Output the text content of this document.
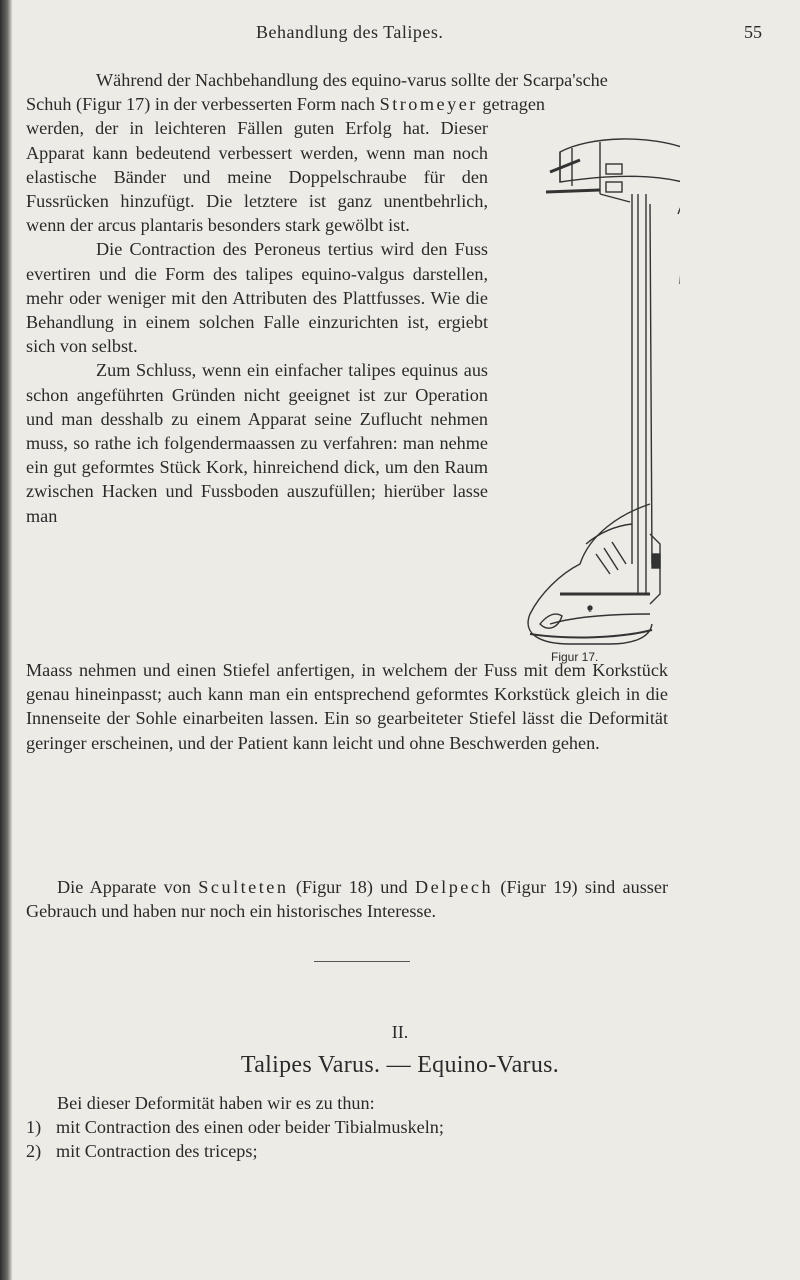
Behandlung des Talipes.	55
Während der Nachbehandlung des equino-varus sollte der Scarpa'sche
Schuh (Figur 17) in der verbesserten Form nach Stromeyer getragen
werden, der in leichteren Fällen guten Erfolg hat. Dieser Apparat kann bedeutend verbessert werden, wenn man noch elastische Bänder und meine Doppelschraube für den Fussrücken hinzufügt. Die letztere ist ganz unentbehrlich, wenn der arcus plantaris besonders stark gewölbt ist.
Die Contraction des Peroneus tertius wird den Fuss evertiren und die Form des talipes equino-valgus darstellen, mehr oder weniger mit den Attributen des Plattfusses. Wie die Behandlung in einem solchen Falle einzurichten ist, ergiebt sich von selbst.
Zum Schluss, wenn ein einfacher talipes equinus aus schon angeführten Gründen nicht geeignet ist zur Operation und man desshalb zu einem Apparat seine Zuflucht nehmen muss, so rathe ich folgendermaassen zu verfahren: man nehme ein gut geformtes Stück Kork, hinreichend dick, um den Raum zwischen Hacken und Fussboden auszufüllen; hierüber lasse man
c
Figur 17.
Maass nehmen und einen Stiefel anfertigen, in welchem der Fuss mit dem Korkstück genau hineinpasst; auch kann man ein entsprechend geformtes Korkstück gleich in die Innenseite der Sohle einarbeiten lassen. Ein so gearbeiteter Stiefel lässt die Deformität geringer erscheinen, und der Patient kann leicht und ohne Beschwerden gehen.
Die Apparate von Sculteten (Figur 18) und Delpech (Figur 19) sind ausser Gebrauch und haben nur noch ein historisches Interesse.
II.
Talipes Varus. — Equino-Varus.
Bei dieser Deformität haben wir es zu thun:
1) mit Contraction des einen oder beider Tibialmuskeln;
2) mit Contraction des triceps;
